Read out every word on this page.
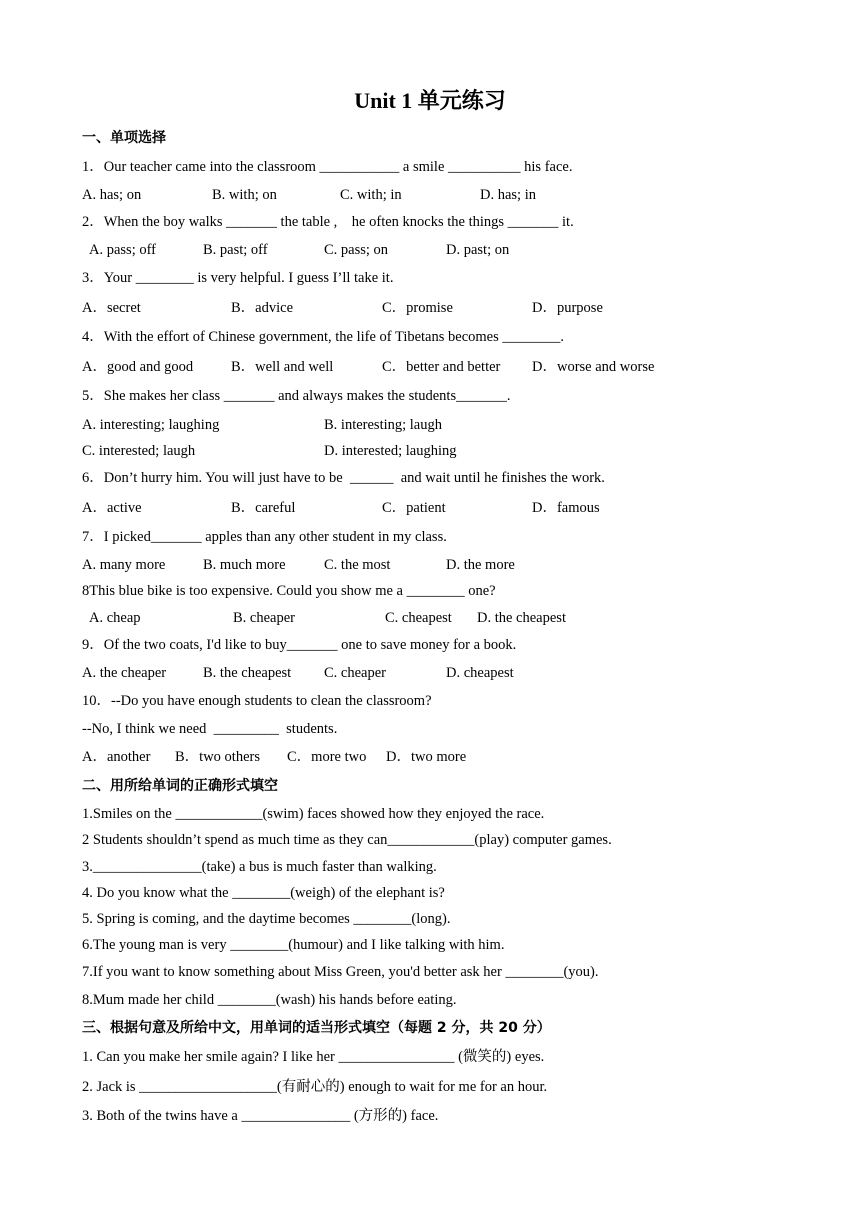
Unit 1 单元练习
一、单项选择
1．Our teacher came into the classroom ___________ a smile __________ his face.
A. has; on	B. with; on	C. with; in	D. has; in
2．When the boy walks _______ the table ,    he often knocks the things _______ it.
A. pass; off	B. past; off	C. pass; on	D. past; on
3．Your ________ is very helpful. I guess I’ll take it.
A．secret	B．advice	C．promise	D．purpose
4．With the effort of Chinese government, the life of Tibetans becomes ________.
A．good and good	B．well and well	C．better and better D．worse and worse
5．She makes her class _______ and always makes the students_______.
A. interesting; laughing	B. interesting; laugh
C. interested; laugh	D. interested; laughing
6．Don’t hurry him. You will just have to be  ______  and wait until he finishes the work.
A．active	B．careful	C．patient	D．famous
7．I picked_______ apples than any other student in my class.
A. many more	B. much more	C. the most	D. the more
8This blue bike is too expensive. Could you show me a ________ one?
A. cheap	B. cheaper	C. cheapest D. the cheapest
9．Of the two coats, I'd like to buy_______ one to save money for a book.
A. the cheaper	B. the cheapest C. cheaper	D. cheapest
10．--Do you have enough students to clean the classroom?
--No, I think we need  _________  students.
A．another B．two others C．more two D．two more
二、用所给单词的正确形式填空
1.Smiles on the ____________(swim) faces showed how they enjoyed the race.
2 Students shouldn’t spend as much time as they can____________(play) computer games.
3._______________(take) a bus is much faster than walking.
4. Do you know what the ________(weigh) of the elephant is?
5. Spring is coming, and the daytime becomes ________(long).
6.The young man is very ________(humour) and I like talking with him.
7.If you want to know something about Miss Green, you'd better ask her ________(you).
8.Mum made her child ________(wash) his hands before eating.
三、根据句意及所给中文，用单词的适当形式填空（每题 2 分，共 20 分）
1. Can you make her smile again? I like her ________________ (微笑的) eyes.
2. Jack is ___________________(有耐心的) enough to wait for me for an hour.
3. Both of the twins have a _______________ (方形的) face.
